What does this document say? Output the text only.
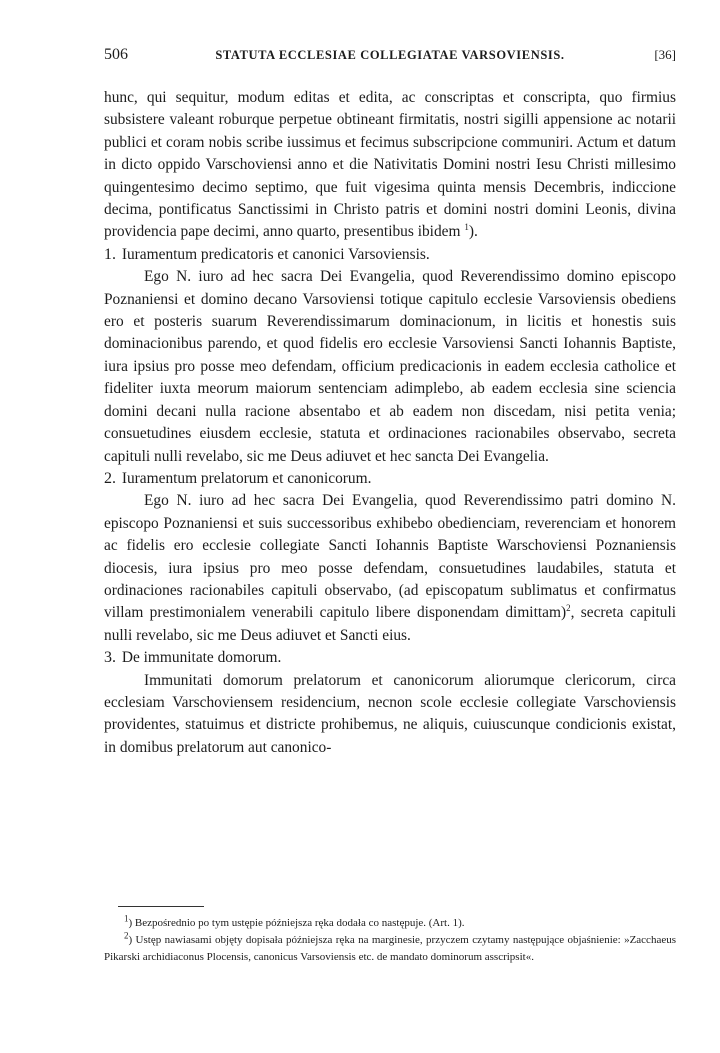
506	STATUTA ECCLESIAE COLLEGIATAE VARSOVIENSIS.	[36]

hunc, qui sequitur, modum editas et edita, ac conscriptas et conscripta, quo firmius subsistere valeant roburque perpetue obtineant firmitatis, nostri sigilli appensione ac notarii publici et coram nobis scribe iussimus et fecimus subscripcione communiri. Actum et datum in dicto oppido Varschoviensi anno et die Nativitatis Domini nostri Iesu Christi millesimo quingentesimo decimo septimo, que fuit vigesima quinta mensis Decembris, indiccione decima, pontificatus Sanctissimi in Christo patris et domini nostri domini Leonis, divina providencia pape decimi, anno quarto, presentibus ibidem $^1$).

1. Iuramentum predicatoris et canonici Varsoviensis.

Ego N. iuro ad hec sacra Dei Evangelia, quod Reverendissimo domino episcopo Poznaniensi et domino decano Varsoviensi totique capitulo ecclesie Varsoviensis obediens ero et posteris suarum Reverendissimarum dominacionum, in licitis et honestis suis dominacionibus parendo, et quod fidelis ero ecclesie Varsoviensi Sancti Iohannis Baptiste, iura ipsius pro posse meo defendam, officium predicacionis in eadem ecclesia catholice et fideliter iuxta meorum maiorum sentenciam adimplebo, ab eadem ecclesia sine sciencia domini decani nulla racione absentabo et ab eadem non discedam, nisi petita venia; consuetudines eiusdem ecclesie, statuta et ordinaciones racionabiles observabo, secreta capituli nulli revelabo, sic me Deus adiuvet et hec sancta Dei Evangelia.

2. Iuramentum prelatorum et canonicorum.

Ego N. iuro ad hec sacra Dei Evangelia, quod Reverendissimo patri domino N. episcopo Poznaniensi et suis successoribus exhibebo obedienciam, reverenciam et honorem ac fidelis ero ecclesie collegiate Sancti Iohannis Baptiste Warschoviensi Poznaniensis diocesis, iura ipsius pro meo posse defendam, consuetudines laudabiles, statuta et ordinaciones racionabiles capituli observabo, (ad episcopatum sublimatus et confirmatus villam prestimonialem venerabili capitulo libere disponendam dimittam)$^2$, secreta capituli nulli revelabo, sic me Deus adiuvet et Sancti eius.

3. De immunitate domorum.

Immunitati domorum prelatorum et canonicorum aliorumque clericorum, circa ecclesiam Varschoviensem residencium, necnon scole ecclesie collegiate Varschoviensis providentes, statuimus et districte prohibemus, ne aliquis, cuiuscunque condicionis existat, in domibus prelatorum aut canonico-

$^1$) Bezpośrednio po tym ustępie późniejsza ręka dodała co następuje. (Art. 1).

$^2$) Ustęp nawiasami objęty dopisała późniejsza ręka na marginesie, przyczem czytamy następujące objaśnienie: »Zacchaeus Pikarski archidiaconus Plocensis, canonicus Varsoviensis etc. de mandato dominorum asscripsit«.
